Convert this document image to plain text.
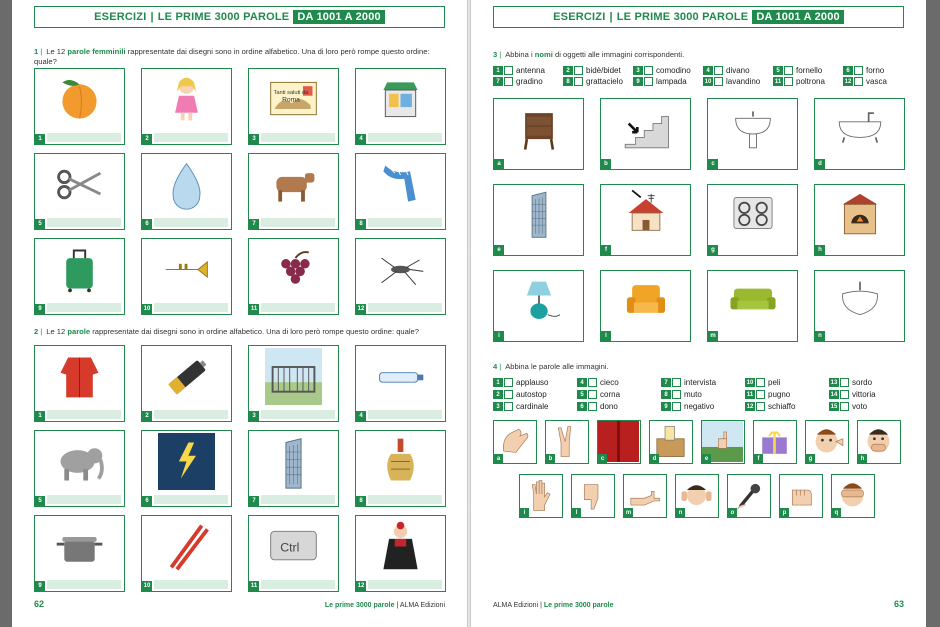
ESERCIZI | LE PRIME 3000 PAROLE DA 1001 A 2000
1 | Le 12 parole femminili rappresentate dai disegni sono in ordine alfabetico. Una di loro però rompe questo ordine: quale?
1	2
Tanti saluti da
Roma
3	4
5	6	7	8
9	10	11	12
2 | Le 12 parole rappresentate dai disegni sono in ordine alfabetico. Una di loro però rompe questo ordine: quale?
1	2	3	4
5	6	7	8
9	10
Ctrl
11	12
62	Le prime 3000 parole | ALMA Edizioni
ESERCIZI | LE PRIME 3000 PAROLE DA 1001 A 2000
3 | Abbina i nomi di oggetti alle immagini corrispondenti.
1	antenna	2	bidè/bidet	3	comodino	4	divano	5	fornello	6	forno
7	gradino	8	grattacielo	9	lampada	10 lavandino	11 poltrona	12 vasca
a	b	c	d
e	f	g	h
i	l	m	n
4 | Abbina le parole alle immagini.
1	applauso	4	cieco	7	intervista	10 peli	13 sordo
2	autostop	5	corna	8	muto	11 pugno	14 vittoria
3	cardinale	6	dono	9	negativo	12 schiaffo	15 voto
ALMA Edizioni | Le prime 3000 parole	63
a	b	c	d	e	f	g	h
i	l	m	n	o	p	q
